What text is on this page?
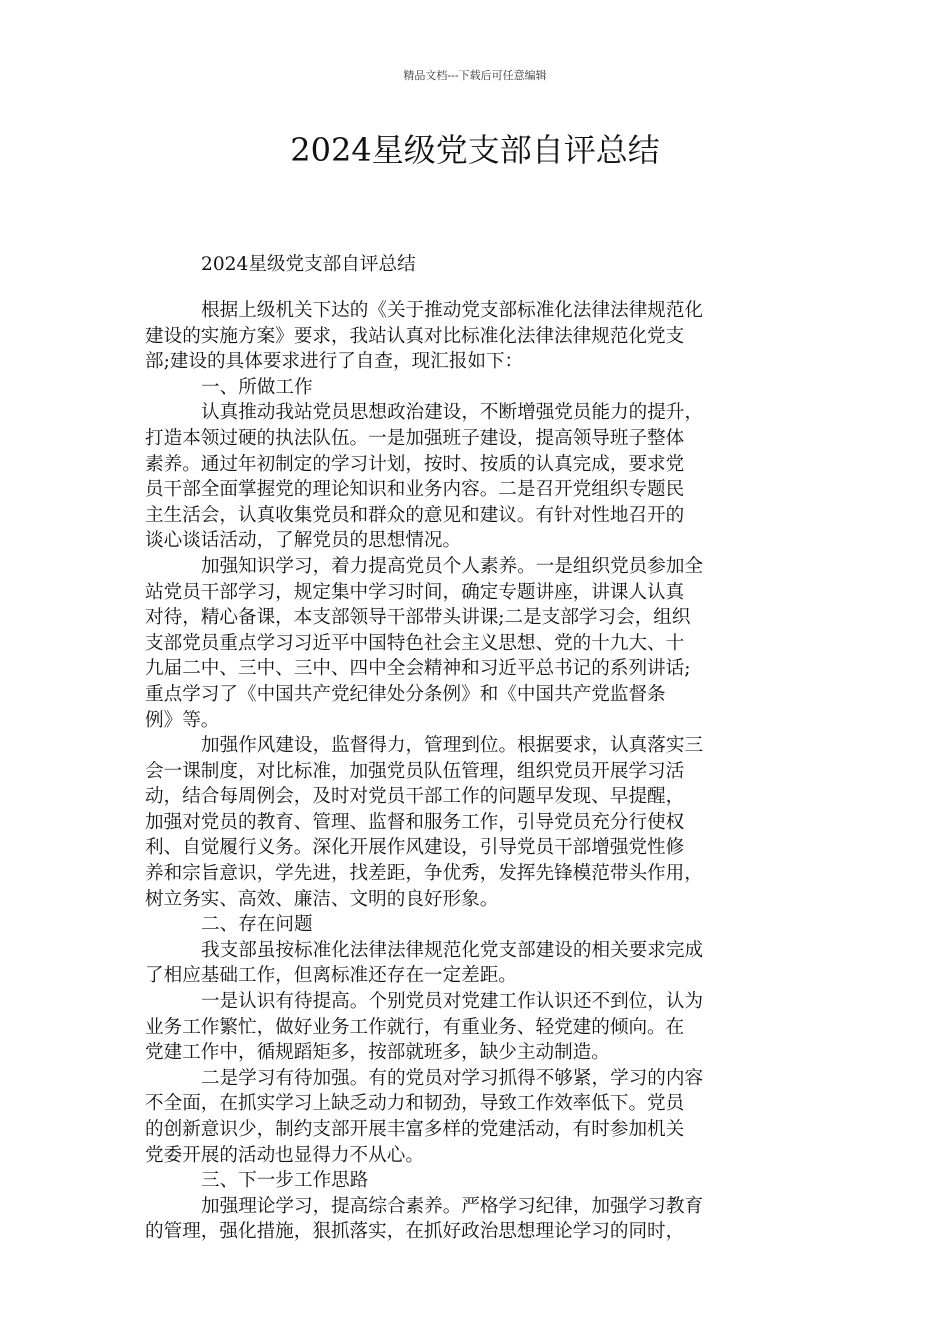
精品文档---下载后可任意编辑
2024星级党支部自评总结

2024星级党支部自评总结

根据上级机关下达的《关于推动党支部标准化法律法律规范化
建设的实施方案》要求，我站认真对比标准化法律法律规范化党支
部;建设的具体要求进行了自查，现汇报如下：

一、所做工作

认真推动我站党员思想政治建设，不断增强党员能力的提升，
打造本领过硬的执法队伍。一是加强班子建设，提高领导班子整体
素养。通过年初制定的学习计划，按时、按质的认真完成，要求党
员干部全面掌握党的理论知识和业务内容。二是召开党组织专题民
主生活会，认真收集党员和群众的意见和建议。有针对性地召开的
谈心谈话活动，了解党员的思想情况。
加强知识学习，着力提高党员个人素养。一是组织党员参加全
站党员干部学习，规定集中学习时间，确定专题讲座，讲课人认真
对待，精心备课，本支部领导干部带头讲课;二是支部学习会，组织
支部党员重点学习习近平中国特色社会主义思想、党的十九大、十
九届二中、三中、三中、四中全会精神和习近平总书记的系列讲话;
重点学习了《中国共产党纪律处分条例》和《中国共产党监督条
例》等。
加强作风建设，监督得力，管理到位。根据要求，认真落实三
会一课制度，对比标准，加强党员队伍管理，组织党员开展学习活
动，结合每周例会，及时对党员干部工作的问题早发现、早提醒，
加强对党员的教育、管理、监督和服务工作，引导党员充分行使权
利、自觉履行义务。深化开展作风建设，引导党员干部增强党性修
养和宗旨意识，学先进，找差距，争优秀，发挥先锋模范带头作用，
树立务实、高效、廉洁、文明的良好形象。

二、存在问题

我支部虽按标准化法律法律规范化党支部建设的相关要求完成
了相应基础工作，但离标准还存在一定差距。
一是认识有待提高。个别党员对党建工作认识还不到位，认为
业务工作繁忙，做好业务工作就行，有重业务、轻党建的倾向。在
党建工作中，循规蹈矩多，按部就班多，缺少主动制造。
二是学习有待加强。有的党员对学习抓得不够紧，学习的内容
不全面，在抓实学习上缺乏动力和韧劲，导致工作效率低下。党员
的创新意识少，制约支部开展丰富多样的党建活动，有时参加机关
党委开展的活动也显得力不从心。

三、下一步工作思路

加强理论学习，提高综合素养。严格学习纪律，加强学习教育
的管理，强化措施，狠抓落实，在抓好政治思想理论学习的同时，
